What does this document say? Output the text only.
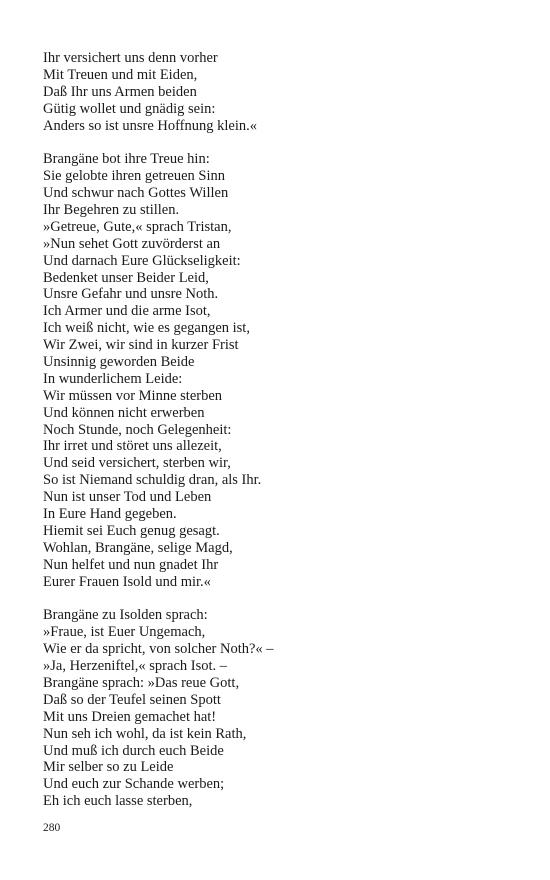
Ihr versichert uns denn vorher
Mit Treuen und mit Eiden,
Daß Ihr uns Armen beiden
Gütig wollet und gnädig sein:
Anders so ist unsre Hoffnung klein.«
Brangäne bot ihre Treue hin:
Sie gelobte ihren getreuen Sinn
Und schwur nach Gottes Willen
Ihr Begehren zu stillen.
»Getreue, Gute,« sprach Tristan,
»Nun sehet Gott zuvörderst an
Und darnach Eure Glückseligkeit:
Bedenket unser Beider Leid,
Unsre Gefahr und unsre Noth.
Ich Armer und die arme Isot,
Ich weiß nicht, wie es gegangen ist,
Wir Zwei, wir sind in kurzer Frist
Unsinnig geworden Beide
In wunderlichem Leide:
Wir müssen vor Minne sterben
Und können nicht erwerben
Noch Stunde, noch Gelegenheit:
Ihr irret und störet uns allezeit,
Und seid versichert, sterben wir,
So ist Niemand schuldig dran, als Ihr.
Nun ist unser Tod und Leben
In Eure Hand gegeben.
Hiemit sei Euch genug gesagt.
Wohlan, Brangäne, selige Magd,
Nun helfet und nun gnadet Ihr
Eurer Frauen Isold und mir.«
Brangäne zu Isolden sprach:
»Fraue, ist Euer Ungemach,
Wie er da spricht, von solcher Noth?« –
»Ja, Herzeniftel,« sprach Isot. –
Brangäne sprach: »Das reue Gott,
Daß so der Teufel seinen Spott
Mit uns Dreien gemachet hat!
Nun seh ich wohl, da ist kein Rath,
Und muß ich durch euch Beide
Mir selber so zu Leide
Und euch zur Schande werben;
Eh ich euch lasse sterben,
280
